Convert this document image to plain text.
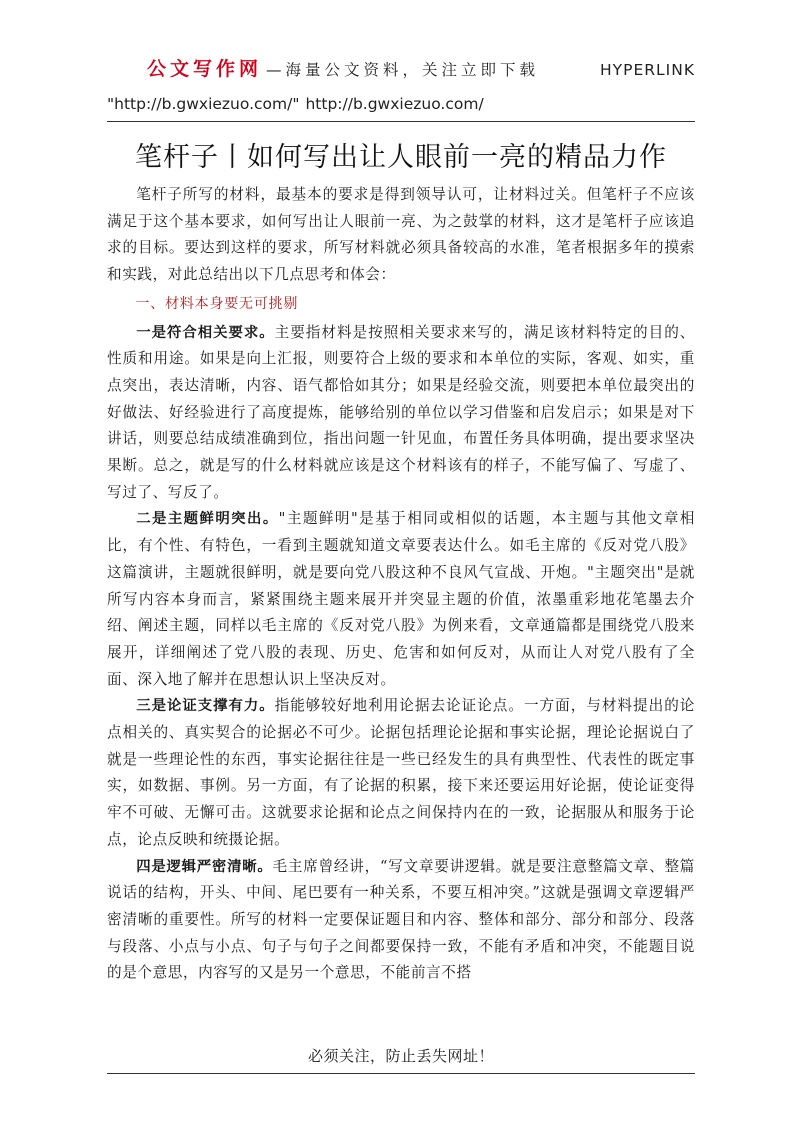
公文写作网 —海量公文资料，关注立即下载	HYPERLINK
"http://b.gwxiezuo.com/" http://b.gwxiezuo.com/
笔杆子丨如何写出让人眼前一亮的精品力作

笔杆子所写的材料，最基本的要求是得到领导认可，让材料过关。但笔杆子不应该满足于这个基本要求，如何写出让人眼前一亮、为之鼓掌的材料，这才是笔杆子应该追求的目标。要达到这样的要求，所写材料就必须具备较高的水准，笔者根据多年的摸索和实践，对此总结出以下几点思考和体会：

一、材料本身要无可挑剔

一是符合相关要求。主要指材料是按照相关要求来写的，满足该材料特定的目的、性质和用途。如果是向上汇报，则要符合上级的要求和本单位的实际，客观、如实，重点突出，表达清晰，内容、语气都恰如其分；如果是经验交流，则要把本单位最突出的好做法、好经验进行了高度提炼，能够给别的单位以学习借鉴和启发启示；如果是对下讲话，则要总结成绩准确到位，指出问题一针见血，布置任务具体明确，提出要求坚决果断。总之，就是写的什么材料就应该是这个材料该有的样子，不能写偏了、写虚了、写过了、写反了。

二是主题鲜明突出。"主题鲜明"是基于相同或相似的话题，本主题与其他文章相比，有个性、有特色，一看到主题就知道文章要表达什么。如毛主席的《反对党八股》这篇演讲，主题就很鲜明，就是要向党八股这种不良风气宣战、开炮。"主题突出"是就所写内容本身而言，紧紧围绕主题来展开并突显主题的价值，浓墨重彩地花笔墨去介绍、阐述主题，同样以毛主席的《反对党八股》为例来看，文章通篇都是围绕党八股来展开，详细阐述了党八股的表现、历史、危害和如何反对，从而让人对党八股有了全面、深入地了解并在思想认识上坚决反对。

三是论证支撑有力。指能够较好地利用论据去论证论点。一方面，与材料提出的论点相关的、真实契合的论据必不可少。论据包括理论论据和事实论据，理论论据说白了就是一些理论性的东西，事实论据往往是一些已经发生的具有典型性、代表性的既定事实，如数据、事例。另一方面，有了论据的积累，接下来还要运用好论据，使论证变得牢不可破、无懈可击。这就要求论据和论点之间保持内在的一致，论据服从和服务于论点，论点反映和统摄论据。

四是逻辑严密清晰。毛主席曾经讲，“写文章要讲逻辑。就是要注意整篇文章、整篇说话的结构，开头、中间、尾巴要有一种关系，不要互相冲突。”这就是强调文章逻辑严密清晰的重要性。所写的材料一定要保证题目和内容、整体和部分、部分和部分、段落与段落、小点与小点、句子与句子之间都要保持一致，不能有矛盾和冲突，不能题目说的是个意思，内容写的又是另一个意思，不能前言不搭

必须关注，防止丢失网址！
